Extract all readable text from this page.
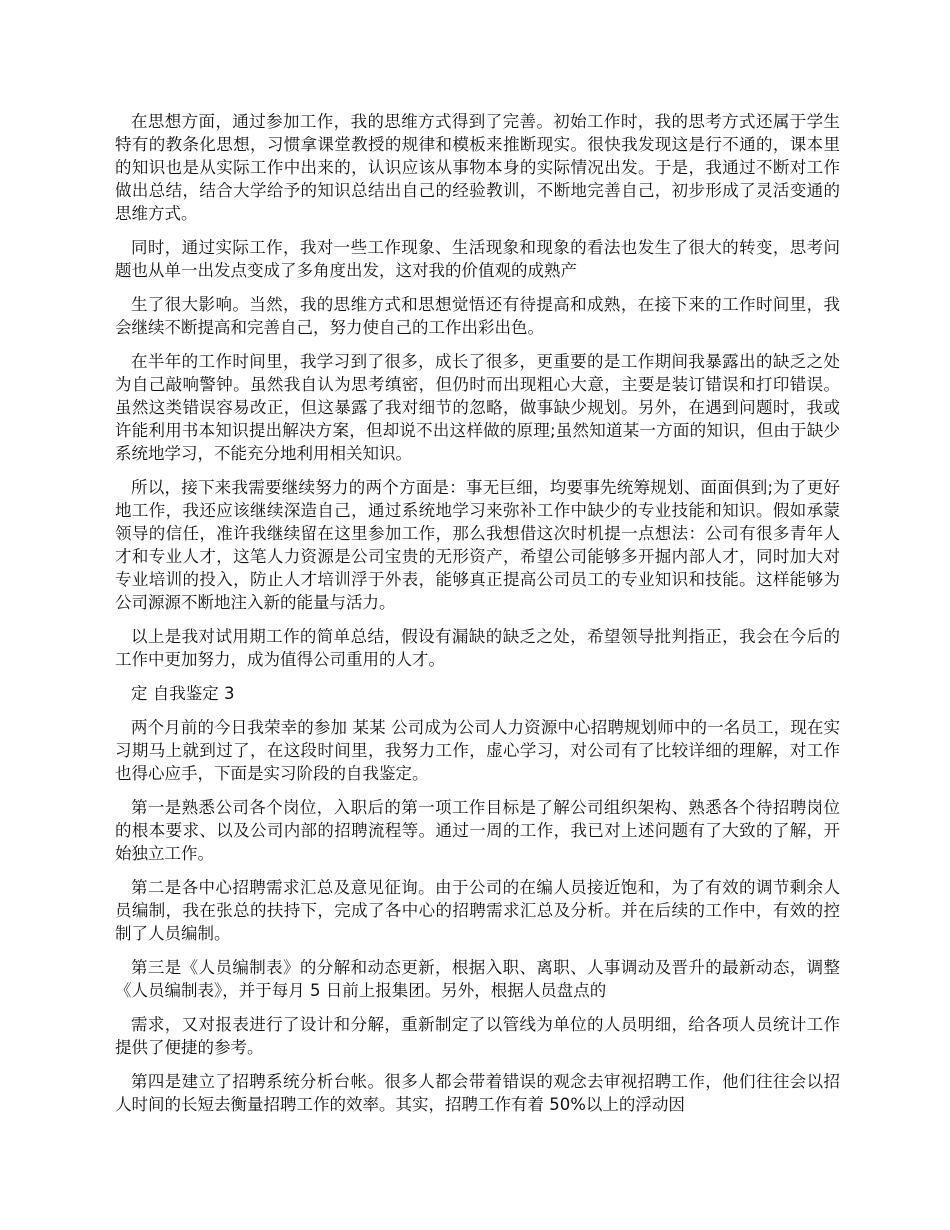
在思想方面，通过参加工作，我的思维方式得到了完善。初始工作时，我的思考方式还属于学生特有的教条化思想，习惯拿课堂教授的规律和模板来推断现实。很快我发现这是行不通的，课本里的知识也是从实际工作中出来的，认识应该从事物本身的实际情况出发。于是，我通过不断对工作做出总结，结合大学给予的知识总结出自己的经验教训，不断地完善自己，初步形成了灵活变通的思维方式。

同时，通过实际工作，我对一些工作现象、生活现象和现象的看法也发生了很大的转变，思考问题也从单一出发点变成了多角度出发，这对我的价值观的成熟产

生了很大影响。当然，我的思维方式和思想觉悟还有待提高和成熟，在接下来的工作时间里，我会继续不断提高和完善自己，努力使自己的工作出彩出色。

在半年的工作时间里，我学习到了很多，成长了很多，更重要的是工作期间我暴露出的缺乏之处为自己敲响警钟。虽然我自认为思考缜密，但仍时而出现粗心大意，主要是装订错误和打印错误。虽然这类错误容易改正，但这暴露了我对细节的忽略，做事缺少规划。另外，在遇到问题时，我或许能利用书本知识提出解决方案，但却说不出这样做的原理;虽然知道某一方面的知识，但由于缺少系统地学习，不能充分地利用相关知识。

所以，接下来我需要继续努力的两个方面是：事无巨细，均要事先统筹规划、面面俱到;为了更好地工作，我还应该继续深造自己，通过系统地学习来弥补工作中缺少的专业技能和知识。假如承蒙领导的信任，准许我继续留在这里参加工作，那么我想借这次时机提一点想法：公司有很多青年人才和专业人才，这笔人力资源是公司宝贵的无形资产，希望公司能够多开掘内部人才，同时加大对专业培训的投入，防止人才培训浮于外表，能够真正提高公司员工的专业知识和技能。这样能够为公司源源不断地注入新的能量与活力。

以上是我对试用期工作的简单总结，假设有漏缺的缺乏之处，希望领导批判指正，我会在今后的工作中更加努力，成为值得公司重用的人才。

定 自我鉴定 3

两个月前的今日我荣幸的参加 某某 公司成为公司人力资源中心招聘规划师中的一名员工，现在实习期马上就到过了，在这段时间里，我努力工作，虚心学习，对公司有了比较详细的理解，对工作也得心应手，下面是实习阶段的自我鉴定。

第一是熟悉公司各个岗位，入职后的第一项工作目标是了解公司组织架构、熟悉各个待招聘岗位的根本要求、以及公司内部的招聘流程等。通过一周的工作，我已对上述问题有了大致的了解，开始独立工作。

第二是各中心招聘需求汇总及意见征询。由于公司的在编人员接近饱和，为了有效的调节剩余人员编制，我在张总的扶持下，完成了各中心的招聘需求汇总及分析。并在后续的工作中，有效的控制了人员编制。

第三是《人员编制表》的分解和动态更新，根据入职、离职、人事调动及晋升的最新动态，调整《人员编制表》，并于每月 5 日前上报集团。另外，根据人员盘点的

需求，又对报表进行了设计和分解，重新制定了以管线为单位的人员明细，给各项人员统计工作提供了便捷的参考。

第四是建立了招聘系统分析台帐。很多人都会带着错误的观念去审视招聘工作，他们往往会以招人时间的长短去衡量招聘工作的效率。其实，招聘工作有着 50%以上的浮动因
